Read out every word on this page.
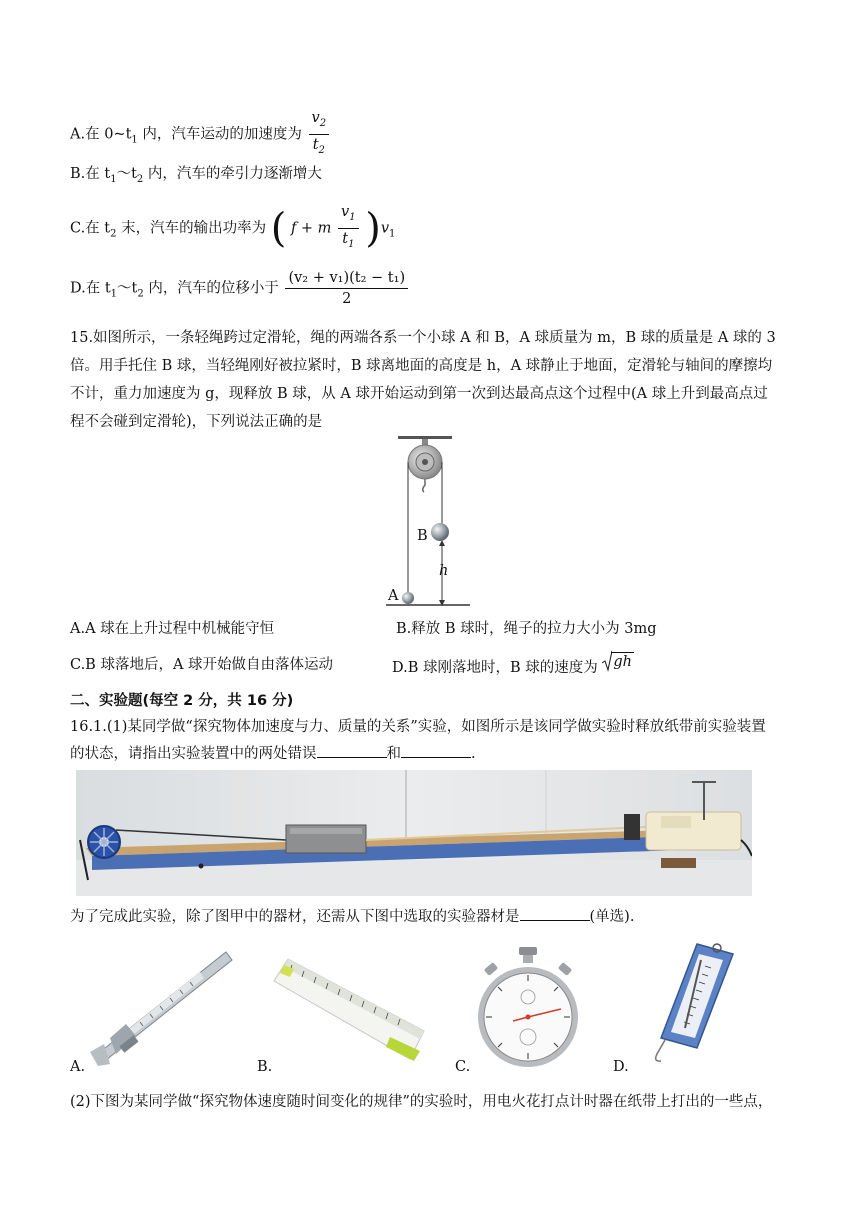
A.在 $0\sim t_1$ 内，汽车运动的加速度为 $\frac{v_2}{t_2}$
B.在 $t_1\sim t_2$ 内，汽车的牵引力逐渐增大
C.在 $t_2$ 末，汽车的输出功率为 ( f + m $\frac{v_1}{t_1} )v_1$
D.在 $t_1\sim t_2$ 内，汽车的位移小于 $\frac{\text{(v₂ + v₁)(t₂ − t₁)}}{2}$
15.如图所示，一条轻绳跨过定滑轮，绳的两端各系一个小球 A 和 B，A 球质量为 m，B 球的质量是 A 球的 3
倍。用手托住 B 球，当轻绳刚好被拉紧时，B 球离地面的高度是 h，A 球静止于地面，定滑轮与轴间的摩擦均
不计，重力加速度为 g，现释放 B 球，从 A 球开始运动到第一次到达最高点这个过程中(A 球上升到最高点过
程不会碰到定滑轮)，下列说法正确的是
B
A
h
A.A 球在上升过程中机械能守恒	B.释放 B 球时，绳子的拉力大小为 3mg
C.B 球落地后，A 球开始做自由落体运动	D.B 球刚落地时，B 球的速度为 gh
二、实验题(每空 2 分，共 16 分)
16.1.(1)某同学做“探究物体加速度与力、质量的关系”实验，如图所示是该同学做实验时释放纸带前实验装置
的状态，请指出实验装置中的两处错误	和	.
为了完成此实验，除了图甲中的器材，还需从下图中选取的实验器材是	(单选).
A.	B.	C.	D.
(2)下图为某同学做“探究物体速度随时间变化的规律”的实验时，用电火花打点计时器在纸带上打出的一些点，
